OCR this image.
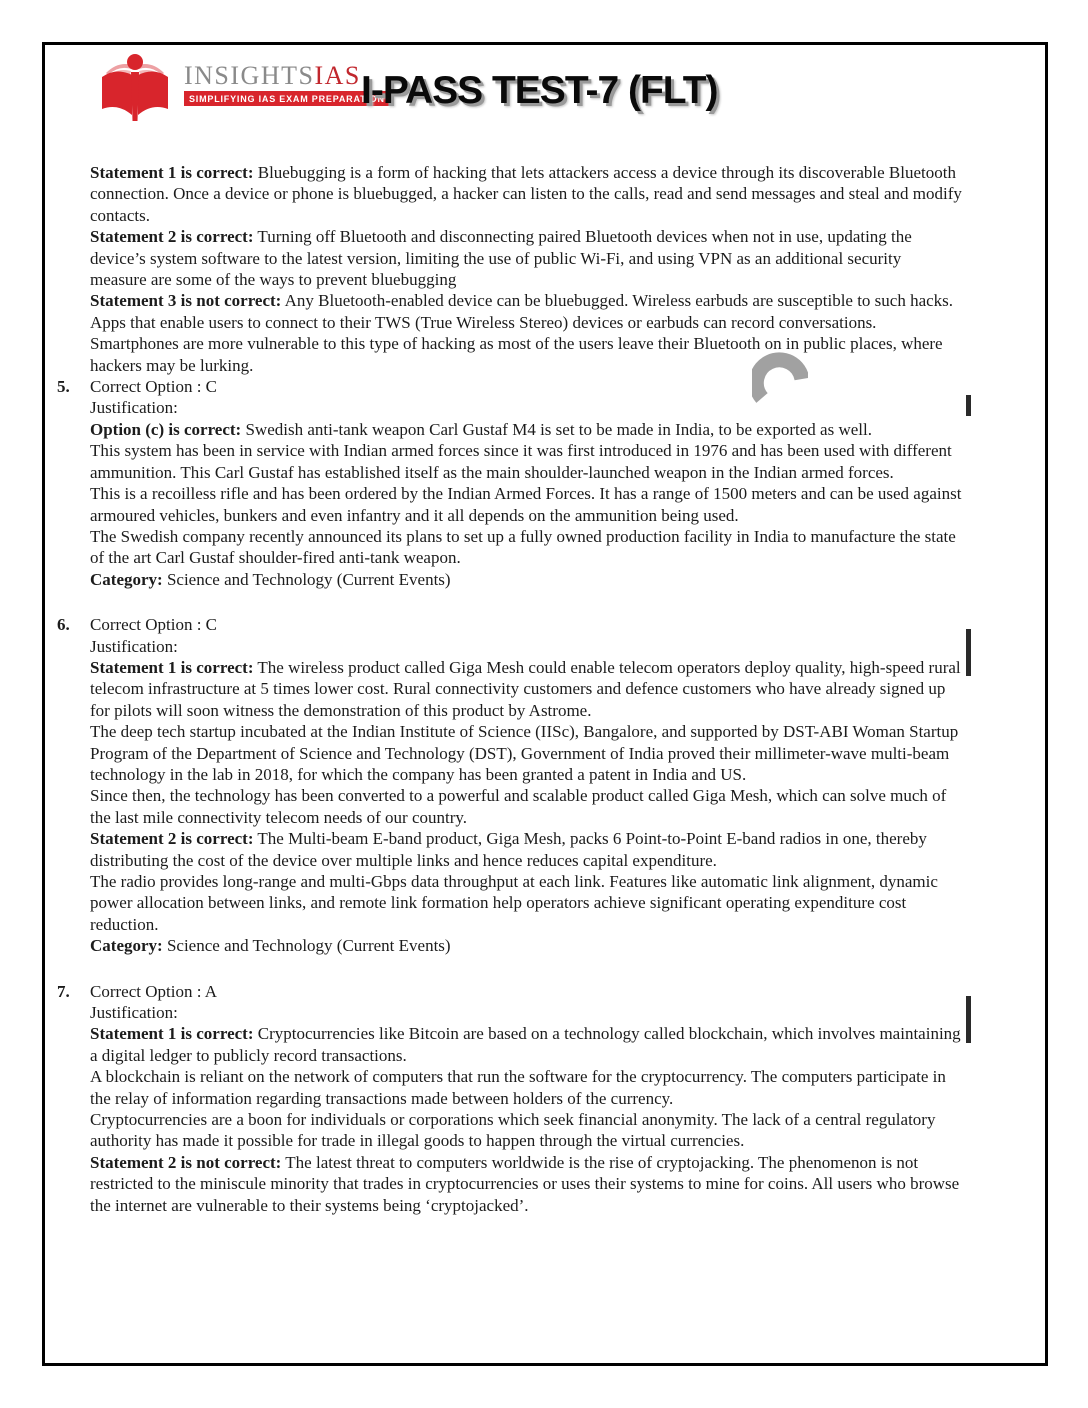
INSIGHTSIAS
SIMPLIFYING IAS EXAM PREPARATION
I-PASS TEST-7 (FLT)

Statement 1 is correct: Bluebugging is a form of hacking that lets attackers access a device through its discoverable Bluetooth connection. Once a device or phone is bluebugged, a hacker can listen to the calls, read and send messages and steal and modify contacts.

Statement 2 is correct: Turning off Bluetooth and disconnecting paired Bluetooth devices when not in use, updating the device’s system software to the latest version, limiting the use of public Wi-Fi, and using VPN as an additional security measure are some of the ways to prevent bluebugging

Statement 3 is not correct: Any Bluetooth-enabled device can be bluebugged. Wireless earbuds are susceptible to such hacks. Apps that enable users to connect to their TWS (True Wireless Stereo) devices or earbuds can record conversations.

Smartphones are more vulnerable to this type of hacking as most of the users leave their Bluetooth on in public places, where hackers may be lurking.

5. Correct Option : C

Justification:

Option (c) is correct: Swedish anti-tank weapon Carl Gustaf M4 is set to be made in India, to be exported as well.

This system has been in service with Indian armed forces since it was first introduced in 1976 and has been used with different ammunition. This Carl Gustaf has established itself as the main shoulder-launched weapon in the Indian armed forces.

This is a recoilless rifle and has been ordered by the Indian Armed Forces. It has a range of 1500 meters and can be used against armoured vehicles, bunkers and even infantry and it all depends on the ammunition being used.

The Swedish company recently announced its plans to set up a fully owned production facility in India to manufacture the state of the art Carl Gustaf shoulder-fired anti-tank weapon.

Category: Science and Technology (Current Events)

6. Correct Option : C

Justification:

Statement 1 is correct: The wireless product called Giga Mesh could enable telecom operators deploy quality, high-speed rural telecom infrastructure at 5 times lower cost. Rural connectivity customers and defence customers who have already signed up for pilots will soon witness the demonstration of this product by Astrome.

The deep tech startup incubated at the Indian Institute of Science (IISc), Bangalore, and supported by DST-ABI Woman Startup Program of the Department of Science and Technology (DST), Government of India proved their millimeter-wave multi-beam technology in the lab in 2018, for which the company has been granted a patent in India and US.

Since then, the technology has been converted to a powerful and scalable product called Giga Mesh, which can solve much of the last mile connectivity telecom needs of our country.

Statement 2 is correct: The Multi-beam E-band product, Giga Mesh, packs 6 Point-to-Point E-band radios in one, thereby distributing the cost of the device over multiple links and hence reduces capital expenditure.

The radio provides long-range and multi-Gbps data throughput at each link. Features like automatic link alignment, dynamic power allocation between links, and remote link formation help operators achieve significant operating expenditure cost reduction.

Category: Science and Technology (Current Events)

7. Correct Option : A

Justification:

Statement 1 is correct: Cryptocurrencies like Bitcoin are based on a technology called blockchain, which involves maintaining a digital ledger to publicly record transactions.

A blockchain is reliant on the network of computers that run the software for the cryptocurrency. The computers participate in the relay of information regarding transactions made between holders of the currency.

Cryptocurrencies are a boon for individuals or corporations which seek financial anonymity. The lack of a central regulatory authority has made it possible for trade in illegal goods to happen through the virtual currencies.

Statement 2 is not correct: The latest threat to computers worldwide is the rise of cryptojacking. The phenomenon is not restricted to the miniscule minority that trades in cryptocurrencies or uses their systems to mine for coins. All users who browse the internet are vulnerable to their systems being ‘cryptojacked’.
